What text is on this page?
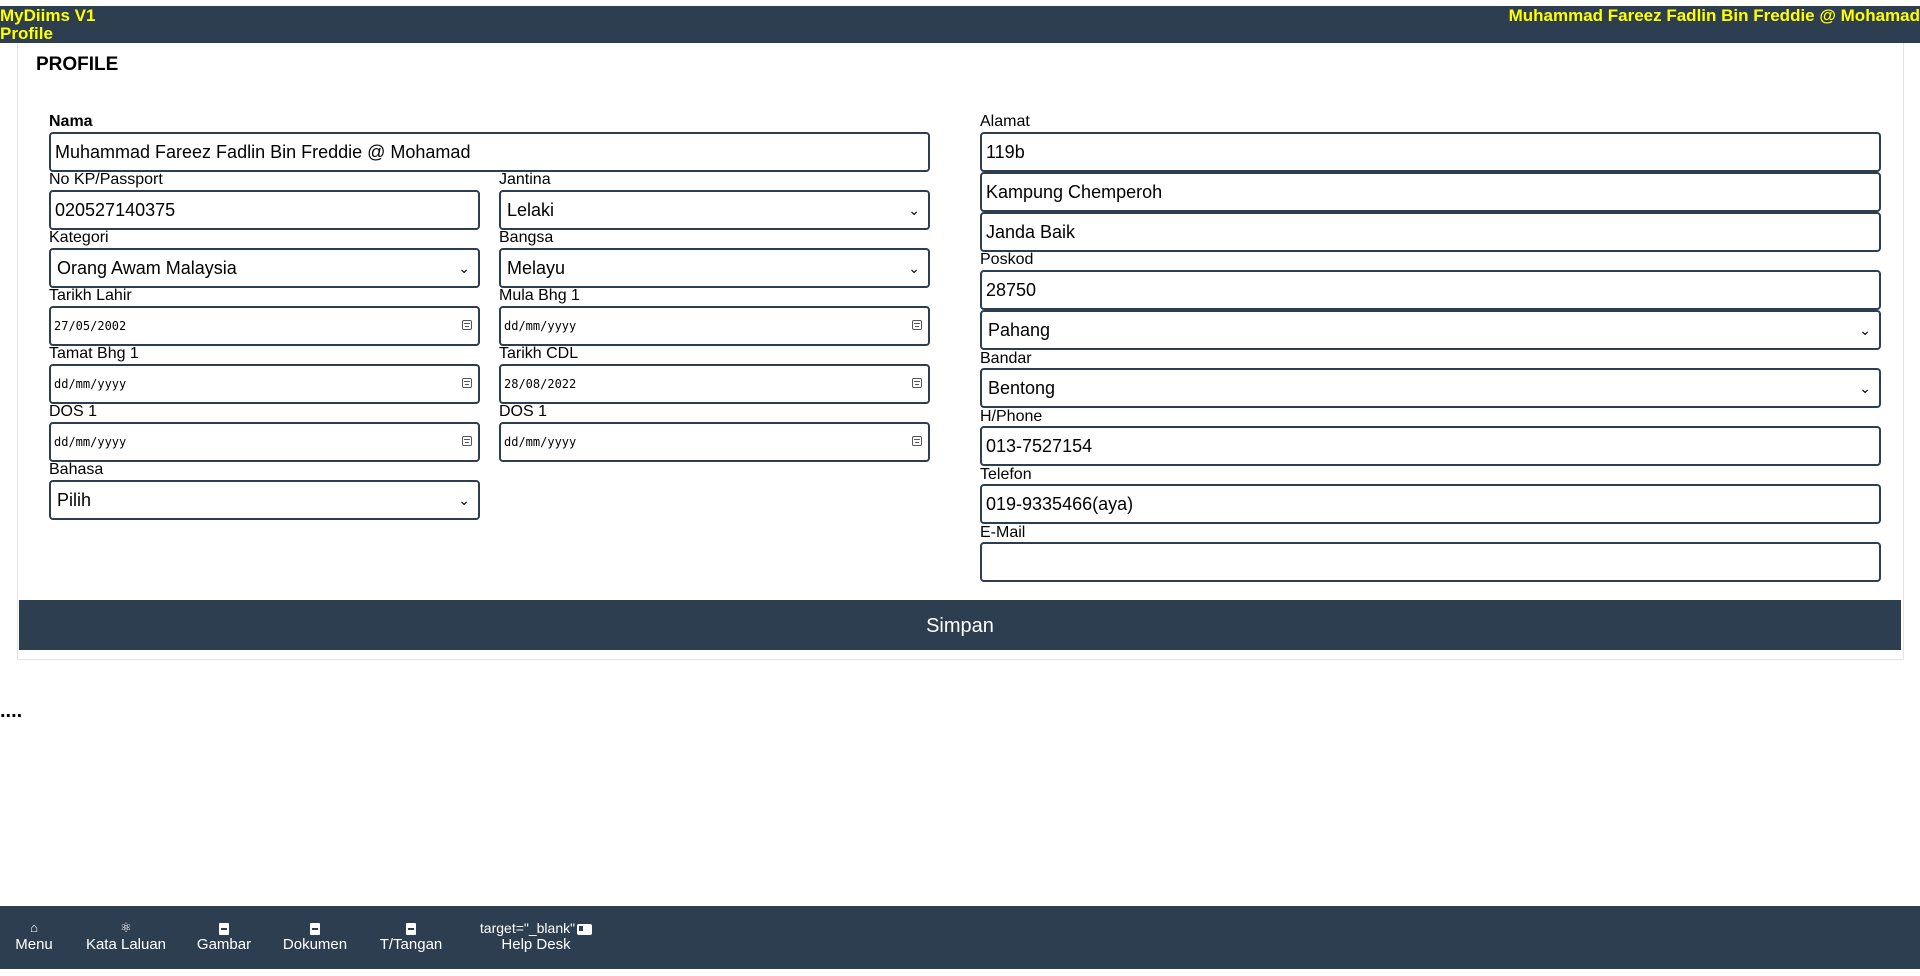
MyDiims V1
Profile
Muhammad Fareez Fadlin Bin Freddie @ Mohamad
PROFILE
Nama
Muhammad Fareez Fadlin Bin Freddie @ Mohamad
No KP/Passport
020527140375
Jantina
Lelaki	⌄
Kategori
Orang Awam Malaysia	⌄
Bangsa
Melayu	⌄
Tarikh Lahir
27/05/2002
Mula Bhg 1
dd/mm/yyyy
Tamat Bhg 1
dd/mm/yyyy
Tarikh CDL
28/08/2022
DOS 1
dd/mm/yyyy
DOS 1
dd/mm/yyyy
Bahasa
Pilih	⌄
Alamat
119b
Kampung Chemperoh
Janda Baik
Poskod
28750
Pahang	⌄
Bandar
Bentong	⌄
H/Phone
013-7527154
Telefon
019-9335466(aya)
E-Mail
Simpan
....
⌂
Menu
⚛
Kata Laluan Gambar Dokumen T/Tangan
target="_blank"
Help Desk
